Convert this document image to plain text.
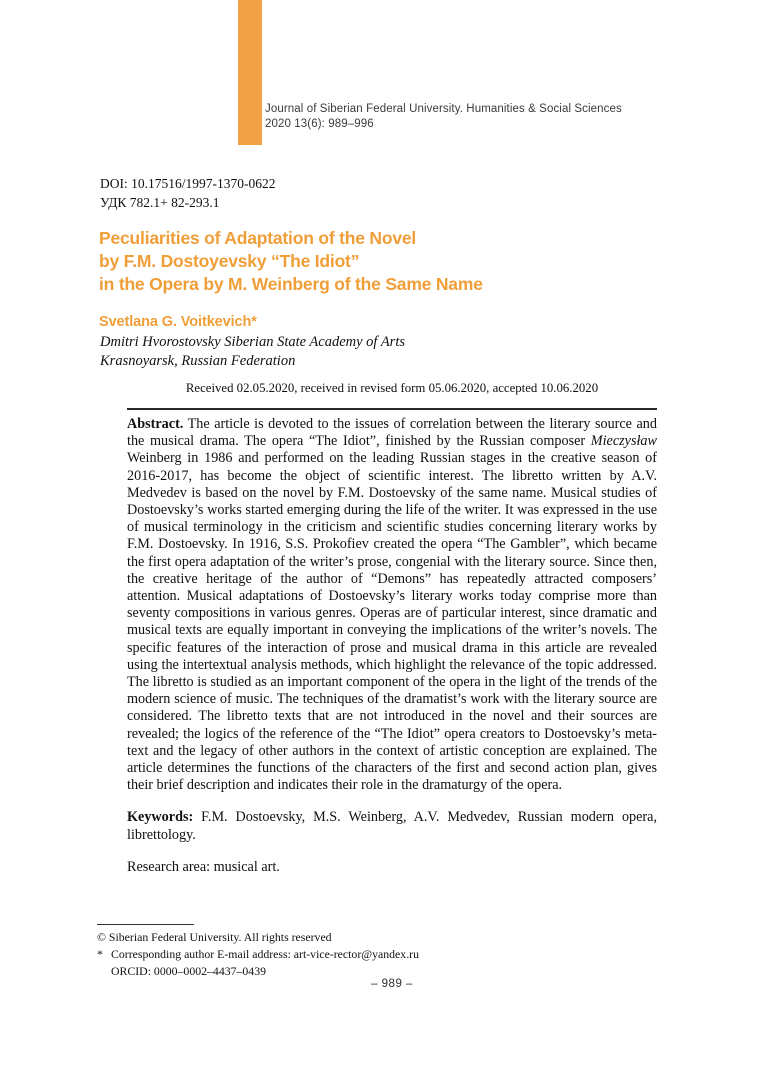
Journal of Siberian Federal University. Humanities & Social Sciences
2020 13(6): 989–996
DOI: 10.17516/1997-1370-0622
УДК 782.1+ 82-293.1
Peculiarities of Adaptation of the Novel
by F.M. Dostoyevsky “The Idiot”
in the Opera by M. Weinberg of the Same Name
Svetlana G. Voitkevich*
Dmitri Hvorostovsky Siberian State Academy of Arts
Krasnoyarsk, Russian Federation
Received 02.05.2020, received in revised form 05.06.2020, accepted 10.06.2020

Abstract. The article is devoted to the issues of correlation between the literary source and the musical drama. The opera “The Idiot”, finished by the Russian composer Mieczysław Weinberg in 1986 and performed on the leading Russian stages in the creative season of 2016-2017, has become the object of scientific interest. The libretto written by A.V. Medvedev is based on the novel by F.M. Dostoevsky of the same name. Musical studies of Dostoevsky’s works started emerging during the life of the writer. It was expressed in the use of musical terminology in the criticism and scientific studies concerning literary works by F.M. Dostoevsky. In 1916, S.S. Prokofiev created the opera “The Gambler”, which became the first opera adaptation of the writer’s prose, congenial with the literary source. Since then, the creative heritage of the author of “Demons” has repeatedly attracted composers’ attention. Musical adaptations of Dostoevsky’s literary works today comprise more than seventy compositions in various genres. Operas are of particular interest, since dramatic and musical texts are equally important in conveying the implications of the writer’s novels. The specific features of the interaction of prose and musical drama in this article are revealed using the intertextual analysis methods, which highlight the relevance of the topic addressed. The libretto is studied as an important component of the opera in the light of the trends of the modern science of music. The techniques of the dramatist’s work with the literary source are considered. The libretto texts that are not introduced in the novel and their sources are revealed; the logics of the reference of the “The Idiot” opera creators to Dostoevsky’s meta-text and the legacy of other authors in the context of artistic conception are explained. The article determines the functions of the characters of the first and second action plan, gives their brief description and indicates their role in the dramaturgy of the opera.

Keywords: F.M. Dostoevsky, M.S. Weinberg, A.V. Medvedev, Russian modern opera, librettology.

Research area: musical art.

© Siberian Federal University. All rights reserved
* Corresponding author E-mail address: art-vice-rector@yandex.ru
ORCID: 0000–0002–4437–0439
– 989 –
